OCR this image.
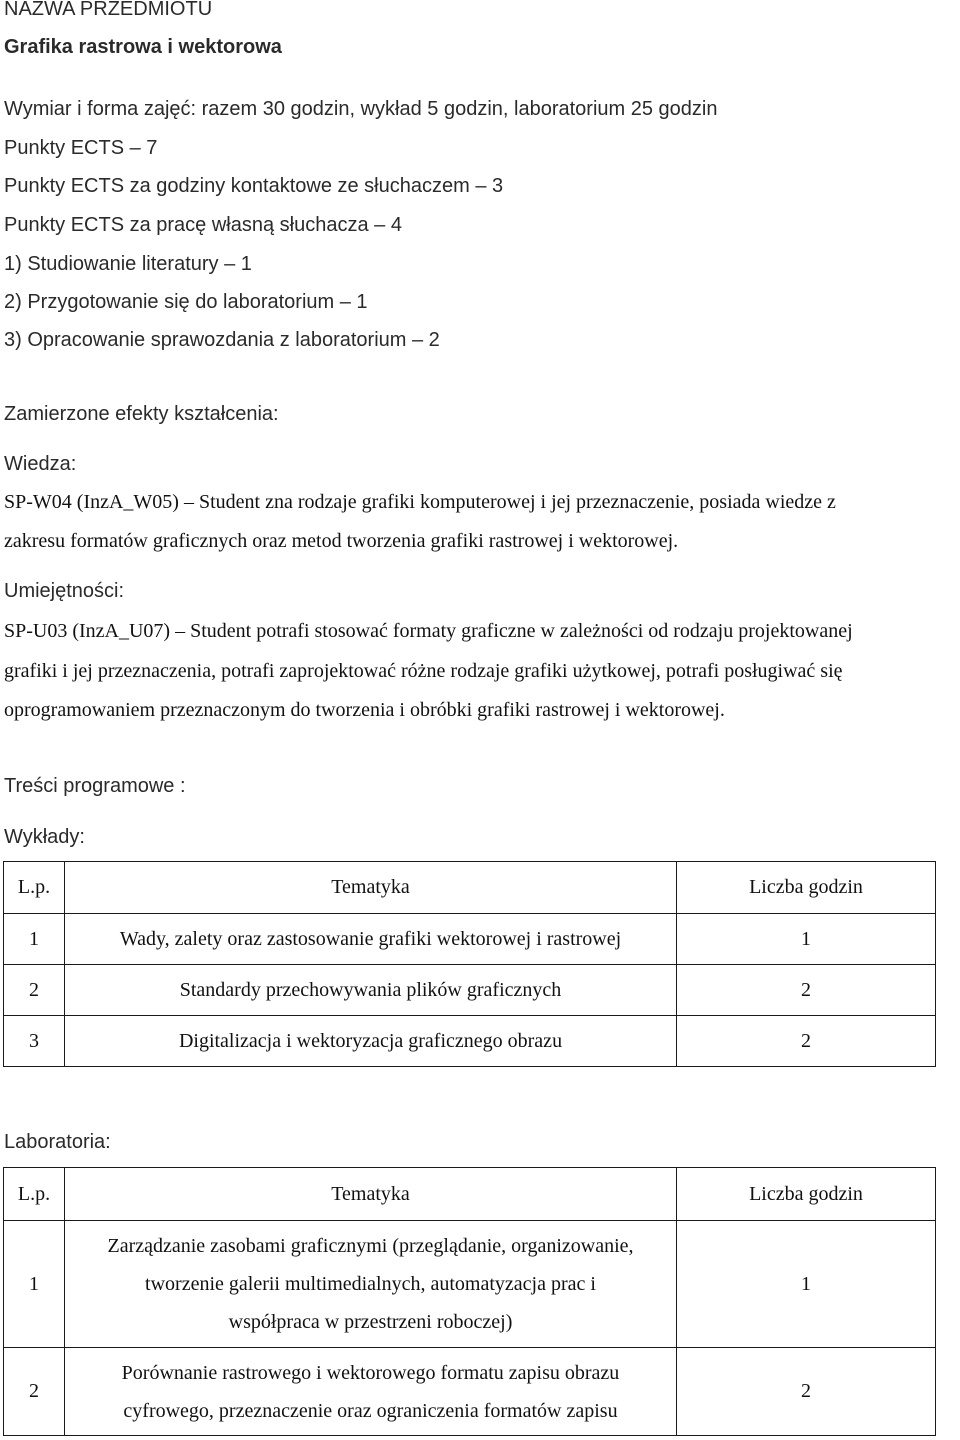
NAZWA PRZEDMIOTU
Grafika rastrowa i wektorowa
Wymiar i forma zajęć: razem 30 godzin, wykład 5 godzin, laboratorium 25 godzin
Punkty ECTS – 7
Punkty ECTS za godziny kontaktowe ze słuchaczem – 3
Punkty ECTS za pracę własną słuchacza – 4
1) Studiowanie literatury – 1
2) Przygotowanie się do laboratorium – 1
3) Opracowanie sprawozdania z laboratorium – 2
Zamierzone efekty kształcenia:
Wiedza:
SP-W04 (InzA_W05) – Student zna rodzaje grafiki komputerowej i jej przeznaczenie, posiada wiedze z
zakresu formatów graficznych oraz metod tworzenia grafiki rastrowej i wektorowej.
Umiejętności:
SP-U03 (InzA_U07) – Student potrafi stosować formaty graficzne w zależności od rodzaju projektowanej
grafiki i jej przeznaczenia, potrafi zaprojektować różne rodzaje grafiki użytkowej, potrafi posługiwać się
oprogramowaniem przeznaczonym do tworzenia i obróbki grafiki rastrowej i wektorowej.
Treści programowe :
Wykłady:
L.p.	Tematyka	Liczba godzin
1	Wady, zalety oraz zastosowanie grafiki wektorowej i rastrowej	1
2	Standardy przechowywania plików graficznych	2
3	Digitalizacja i wektoryzacja graficznego obrazu	2
Laboratoria:
L.p.	Tematyka	Liczba godzin
1	Zarządzanie zasobami graficznymi (przeglądanie, organizowanie,
tworzenie galerii multimedialnych, automatyzacja prac i
współpraca w przestrzeni roboczej)	1
2	Porównanie rastrowego i wektorowego formatu zapisu obrazu
cyfrowego, przeznaczenie oraz ograniczenia formatów zapisu	2
